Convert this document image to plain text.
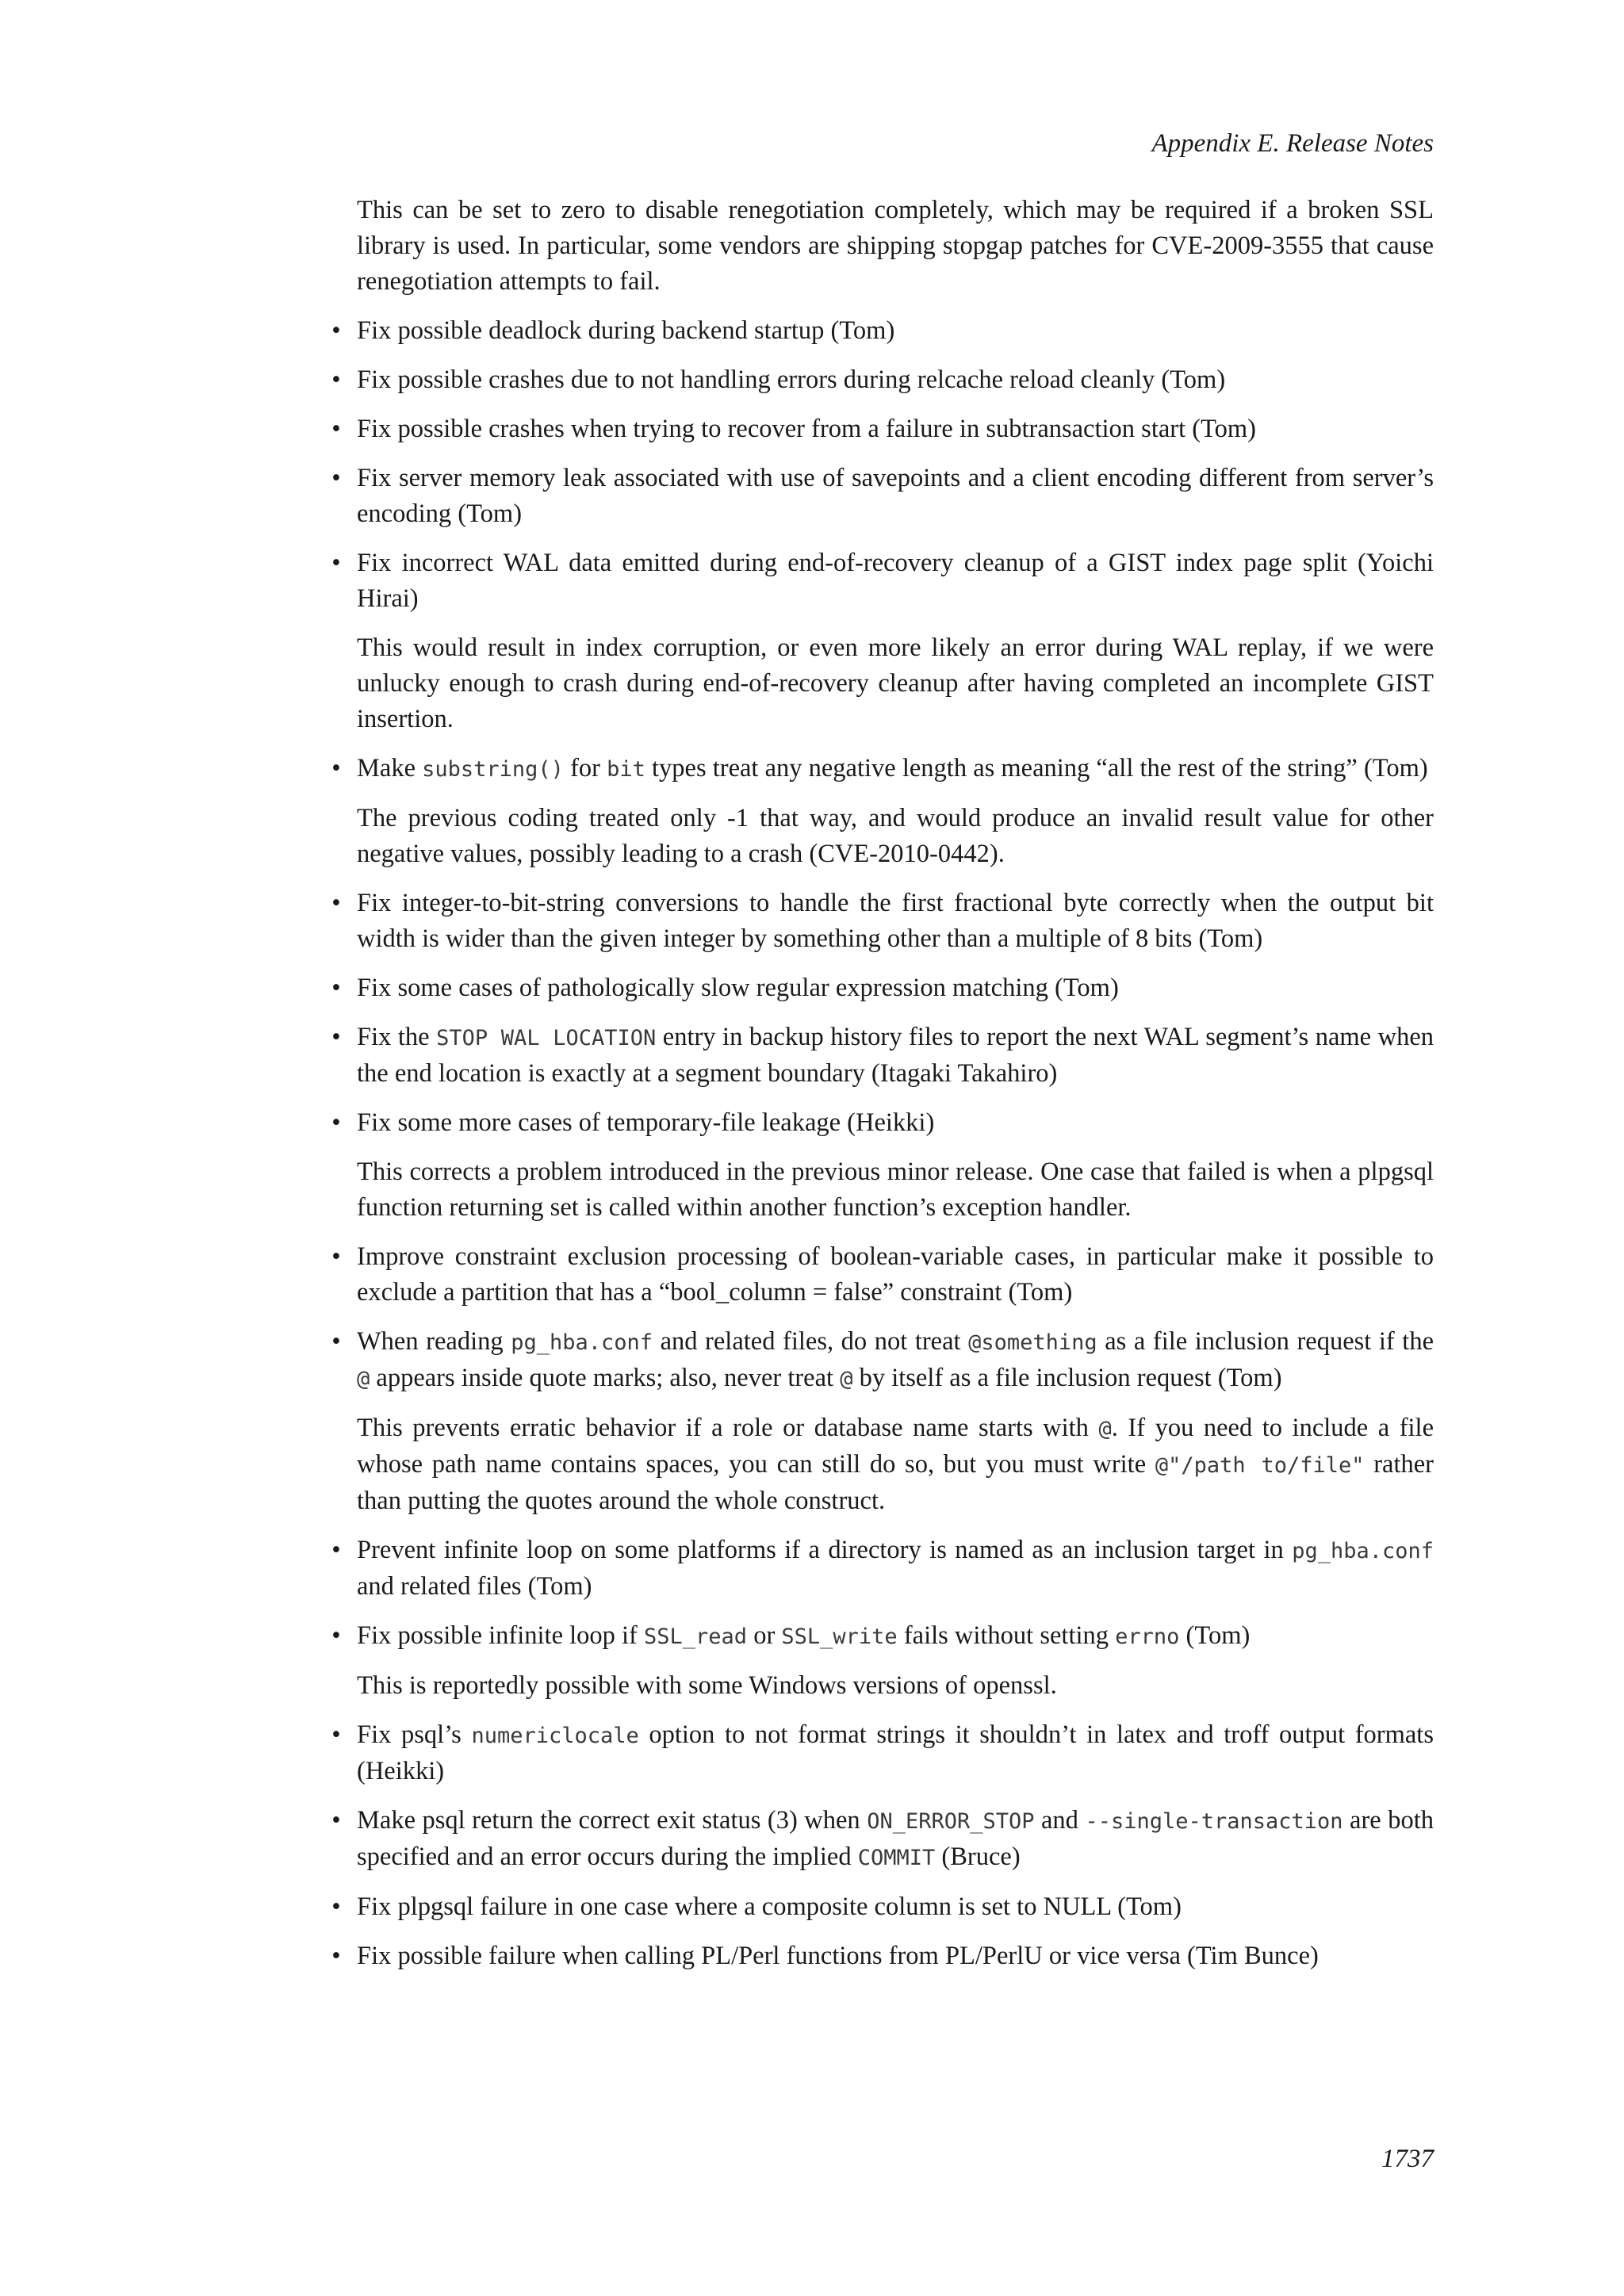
Appendix E. Release Notes

This can be set to zero to disable renegotiation completely, which may be required if a broken SSL library is used. In particular, some vendors are shipping stopgap patches for CVE-2009-3555 that cause renegotiation attempts to fail.

• Fix possible deadlock during backend startup (Tom)

• Fix possible crashes due to not handling errors during relcache reload cleanly (Tom)

• Fix possible crashes when trying to recover from a failure in subtransaction start (Tom)

• Fix server memory leak associated with use of savepoints and a client encoding different from server’s encoding (Tom)

• Fix incorrect WAL data emitted during end-of-recovery cleanup of a GIST index page split (Yoichi Hirai)

This would result in index corruption, or even more likely an error during WAL replay, if we were unlucky enough to crash during end-of-recovery cleanup after having completed an incomplete GIST insertion.

• Make substring() for bit types treat any negative length as meaning “all the rest of the string” (Tom)

The previous coding treated only -1 that way, and would produce an invalid result value for other negative values, possibly leading to a crash (CVE-2010-0442).

• Fix integer-to-bit-string conversions to handle the first fractional byte correctly when the output bit width is wider than the given integer by something other than a multiple of 8 bits (Tom)

• Fix some cases of pathologically slow regular expression matching (Tom)

• Fix the STOP WAL LOCATION entry in backup history files to report the next WAL segment’s name when the end location is exactly at a segment boundary (Itagaki Takahiro)

• Fix some more cases of temporary-file leakage (Heikki)

This corrects a problem introduced in the previous minor release. One case that failed is when a plpgsql function returning set is called within another function’s exception handler.

• Improve constraint exclusion processing of boolean-variable cases, in particular make it possible to exclude a partition that has a “bool_column = false” constraint (Tom)

• When reading pg_hba.conf and related files, do not treat @something as a file inclusion request if the @ appears inside quote marks; also, never treat @ by itself as a file inclusion request (Tom)

This prevents erratic behavior if a role or database name starts with @. If you need to include a file whose path name contains spaces, you can still do so, but you must write @"/path to/file" rather than putting the quotes around the whole construct.

• Prevent infinite loop on some platforms if a directory is named as an inclusion target in pg_hba.conf and related files (Tom)

• Fix possible infinite loop if SSL_read or SSL_write fails without setting errno (Tom)

This is reportedly possible with some Windows versions of openssl.

• Fix psql’s numericlocale option to not format strings it shouldn’t in latex and troff output formats (Heikki)

• Make psql return the correct exit status (3) when ON_ERROR_STOP and --single-transaction are both specified and an error occurs during the implied COMMIT (Bruce)

• Fix plpgsql failure in one case where a composite column is set to NULL (Tom)

• Fix possible failure when calling PL/Perl functions from PL/PerlU or vice versa (Tim Bunce)

1737
